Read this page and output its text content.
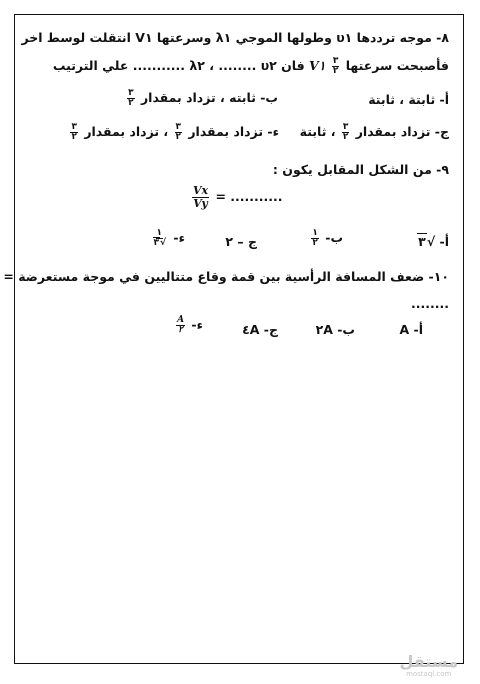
٨- موجه ترددها υ١ وطولها الموجي λ١ وسرعتها V١ انتقلت لوسط اخر
فأصبحت سرعتها
$\frac{٣}{٢}$
V١ فان υ٢ ........ ، λ٢ ........... علي الترتيب
أ- ثابتة ، ثابتة
ب- ثابته ، تزداد بمقدار
$\frac{٣}{٢}$
ج- تزداد بمقدار
$\frac{٣}{٢}$
، ثابتة
ء- تزداد بمقدار
$\frac{٣}{٢}$
، تزداد بمقدار
$\frac{٣}{٢}$
٩- من الشكل المقابل يكون :
$\frac{Vx}{Vy}$ = ...........
أ- √٣
ب-
$\frac{١}{٢}$
ج – ٢
ء-
$\frac{١}{√٣}$
١٠- ضعف المسافة الرأسية بين قمة وقاع متتاليين في موجة مستعرضة =
........
أ- A
ب- ٢A
ج- ٤A
ء-
$\frac{A}{٢}$
مستقل
mostaql.com
